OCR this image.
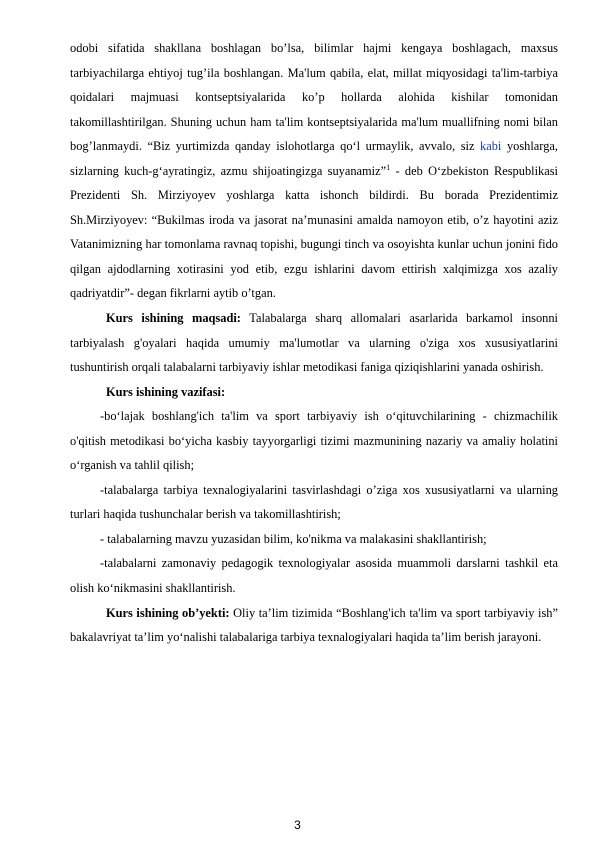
odobi sifatida shakllana boshlagan bo’lsa, bilimlar hajmi kengaya boshlagach, maxsus tarbiyachilarga ehtiyoj tug’ila boshlangan. Ma'lum qabila, elat, millat miqyosidagi ta'lim-tarbiya qoidalari majmuasi kontseptsiyalarida ko’p hollarda alohida kishilar tomonidan takomillashtirilgan. Shuning uchun ham ta'lim kontseptsiyalarida ma'lum muallifning nomi bilan bog’lanmaydi. “Biz yurtimizda qanday islohotlarga qo‘l urmaylik, avvalo, siz kabi yoshlarga, sizlarning kuch-g‘ayratingiz, azmu shijoatingizga suyanamiz”$^1$ - deb O‘zbekiston Respublikasi Prezidenti Sh. Mirziyoyev yoshlarga katta ishonch bildirdi. Bu borada Prezidentimiz Sh.Mirziyoyev: “Bukilmas iroda va jasorat na’munasini amalda namoyon etib, o’z hayotini aziz Vatanimizning har tomonlama ravnaq topishi, bugungi tinch va osoyishta kunlar uchun jonini fido qilgan ajdodlarning xotirasini yod etib, ezgu ishlarini davom ettirish xalqimizga xos azaliy qadriyatdir”- degan fikrlarni aytib o’tgan.

Kurs ishining maqsadi: Talabalarga sharq allomalari asarlarida barkamol insonni tarbiyalash g'oyalari haqida umumiy ma'lumotlar va ularning o'ziga xos xususiyatlarini tushuntirish orqali talabalarni tarbiyaviy ishlar metodikasi faniga qiziqishlarini yanada oshirish.

Kurs ishining vazifasi:

-bo‘lajak boshlang'ich ta'lim va sport tarbiyaviy ish o‘qituvchilarining - chizmachilik o'qitish metodikasi bo‘yicha kasbiy tayyorgarligi tizimi mazmunining nazariy va amaliy holatini o‘rganish va tahlil qilish;

-talabalarga tarbiya texnalogiyalarini tasvirlashdagi o’ziga xos xususiyatlarni va ularning turlari haqida tushunchalar berish va takomillashtirish;

- talabalarning mavzu yuzasidan bilim, ko'nikma va malakasini shakllantirish;

-talabalarni zamonaviy pedagogik texnologiyalar asosida muammoli darslarni tashkil eta olish ko‘nikmasini shakllantirish.

Kurs ishining ob’yekti: Oliy ta’lim tizimida “Boshlang'ich ta'lim va sport tarbiyaviy ish” bakalavriyat ta’lim yo‘nalishi talabalariga tarbiya texnalogiyalari haqida ta’lim berish jarayoni.

3
